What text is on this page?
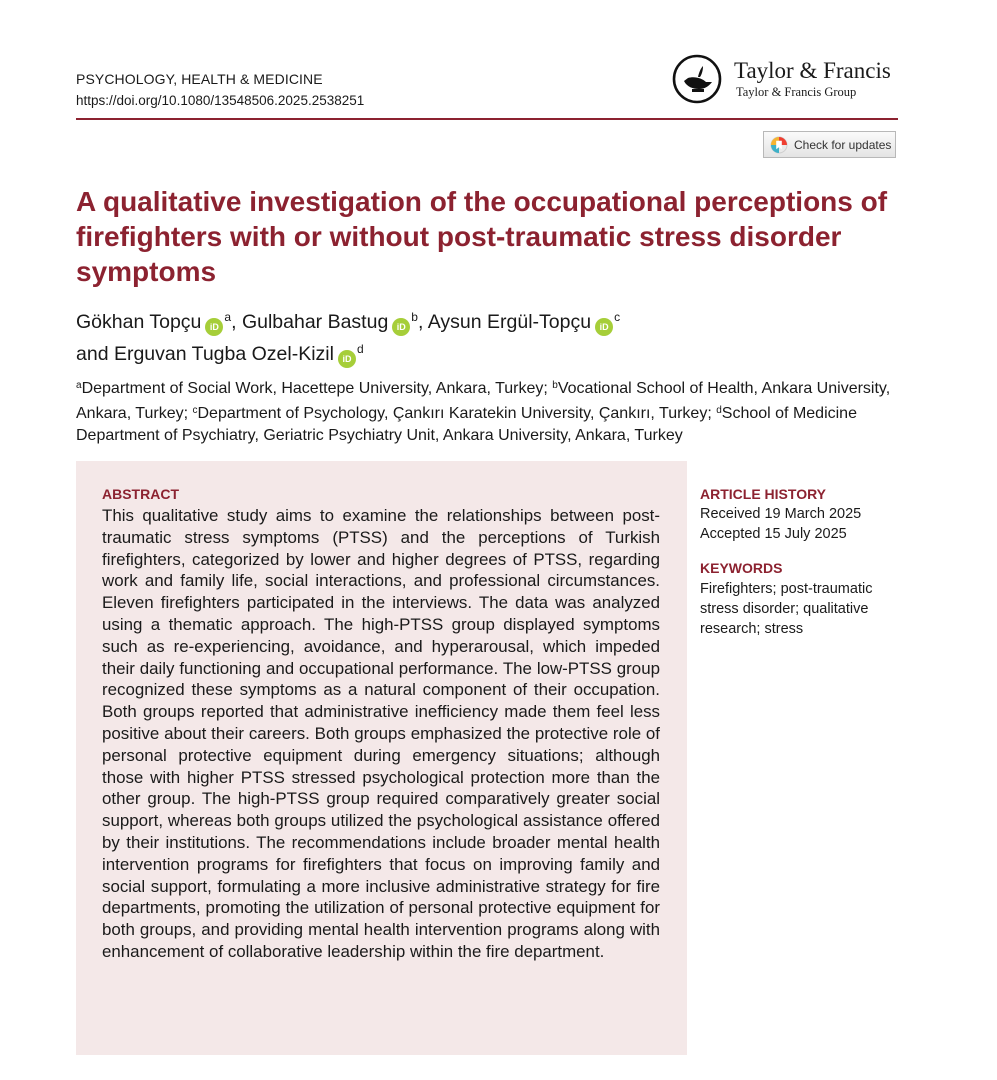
PSYCHOLOGY, HEALTH & MEDICINE
https://doi.org/10.1080/13548506.2025.2538251
Taylor & Francis
Taylor & Francis Group
Check for updates
A qualitative investigation of the occupational perceptions of firefighters with or without post-traumatic stress disorder symptoms
Gökhan Topçu iD$^a$, Gulbahar Bastug iD$^b$, Aysun Ergül-Topçu iD$^c$
and Erguvan Tugba Ozel-Kizil iD$^d$
$^a$Department of Social Work, Hacettepe University, Ankara, Turkey; $^b$Vocational School of Health, Ankara University, Ankara, Turkey; $^c$Department of Psychology, Çankırı Karatekin University, Çankırı, Turkey; $^d$School of Medicine Department of Psychiatry, Geriatric Psychiatry Unit, Ankara University, Ankara, Turkey
ABSTRACT

This qualitative study aims to examine the relationships between post-traumatic stress symptoms (PTSS) and the perceptions of Turkish firefighters, categorized by lower and higher degrees of PTSS, regarding work and family life, social interactions, and professional circumstances. Eleven firefighters participated in the interviews. The data was analyzed using a thematic approach. The high-PTSS group displayed symptoms such as re-experiencing, avoidance, and hyperarousal, which impeded their daily functioning and occupational performance. The low-PTSS group recognized these symptoms as a natural component of their occupation. Both groups reported that administrative inefficiency made them feel less positive about their careers. Both groups emphasized the protective role of personal protective equipment during emergency situations; although those with higher PTSS stressed psychological protection more than the other group. The high-PTSS group required comparatively greater social support, whereas both groups utilized the psychological assistance offered by their institutions. The recommendations include broader mental health intervention programs for firefighters that focus on improving family and social support, formulating a more inclusive administrative strategy for fire departments, promoting the utilization of personal protective equipment for both groups, and providing mental health intervention programs along with enhancement of collaborative leadership within the fire department.

ARTICLE HISTORY
Received 19 March 2025
Accepted 15 July 2025
KEYWORDS
Firefighters; post-traumatic stress disorder; qualitative research; stress
